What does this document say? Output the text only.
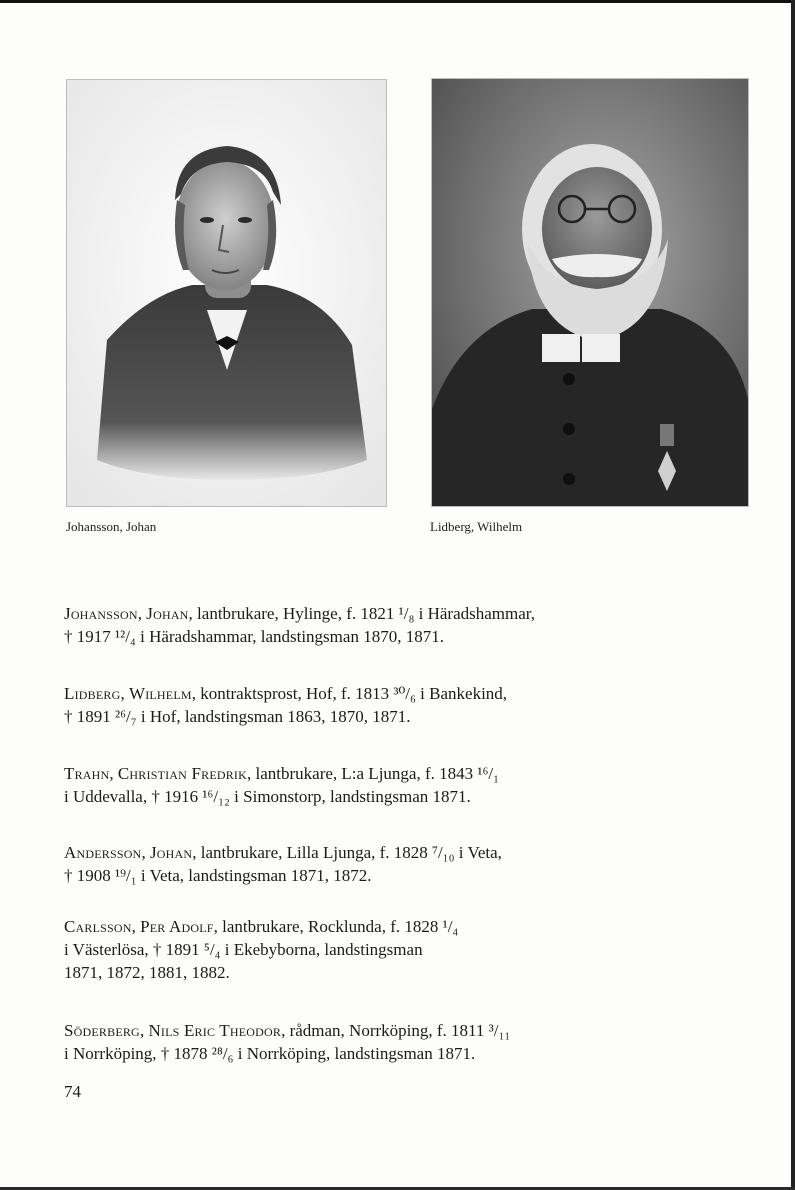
Johansson, Johan	Lidberg, Wilhelm
Johansson, Johan, lantbrukare, Hylinge, f. 1821 ¹/₈ i Häradshammar,
† 1917 ¹²/₄ i Häradshammar, landstingsman 1870, 1871.
Lidberg, Wilhelm, kontraktsprost, Hof, f. 1813 ³⁰/₆ i Bankekind,
† 1891 ²⁶/₇ i Hof, landstingsman 1863, 1870, 1871.
Trahn, Christian Fredrik, lantbrukare, L:a Ljunga, f. 1843 ¹⁶/₁
i Uddevalla, † 1916 ¹⁶/₁₂ i Simonstorp, landstingsman 1871.
Andersson, Johan, lantbrukare, Lilla Ljunga, f. 1828 ⁷/₁₀ i Veta,
† 1908 ¹⁹/₁ i Veta, landstingsman 1871, 1872.
Carlsson, Per Adolf, lantbrukare, Rocklunda, f. 1828 ¹/₄
i Västerlösa, † 1891 ⁵/₄ i Ekebyborna, landstingsman
1871, 1872, 1881, 1882.
Söderberg, Nils Eric Theodor, rådman, Norrköping, f. 1811 ³/₁₁
i Norrköping, † 1878 ²⁸/₆ i Norrköping, landstingsman 1871.
74
